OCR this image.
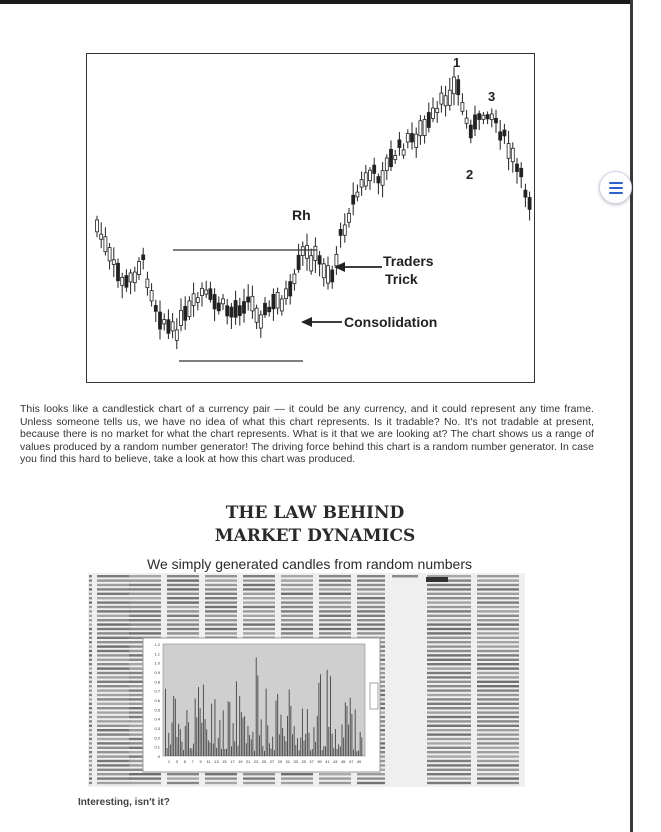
1
2
3
Rh
Traders
Trick
Consolidation
This looks like a candlestick chart of a currency pair — it could be any currency, and it could represent any time frame. Unless someone tells us, we have no idea of what this chart represents. Is it tradable? No. It's not tradable at present, because there is no market for what the chart represents. What is it that we are looking at? The chart shows us a range of values produced by a random number generator! The driving force behind this chart is a random number generator. In case you find this hard to believe, take a look at how this chart was produced.
THE LAW BEHIND
MARKET DYNAMICS
We simply generated candles from random numbers
1.2
1.1
1.0
0.9
0.8
0.7
0.6
0.5
0.4
0.3
0.2
0.1
0
1 3 5 7 9 11 13 15 17 19 21 23 25 27 29 31 33 35 37 39 41 43 45 47 49
Interesting, isn't it?
